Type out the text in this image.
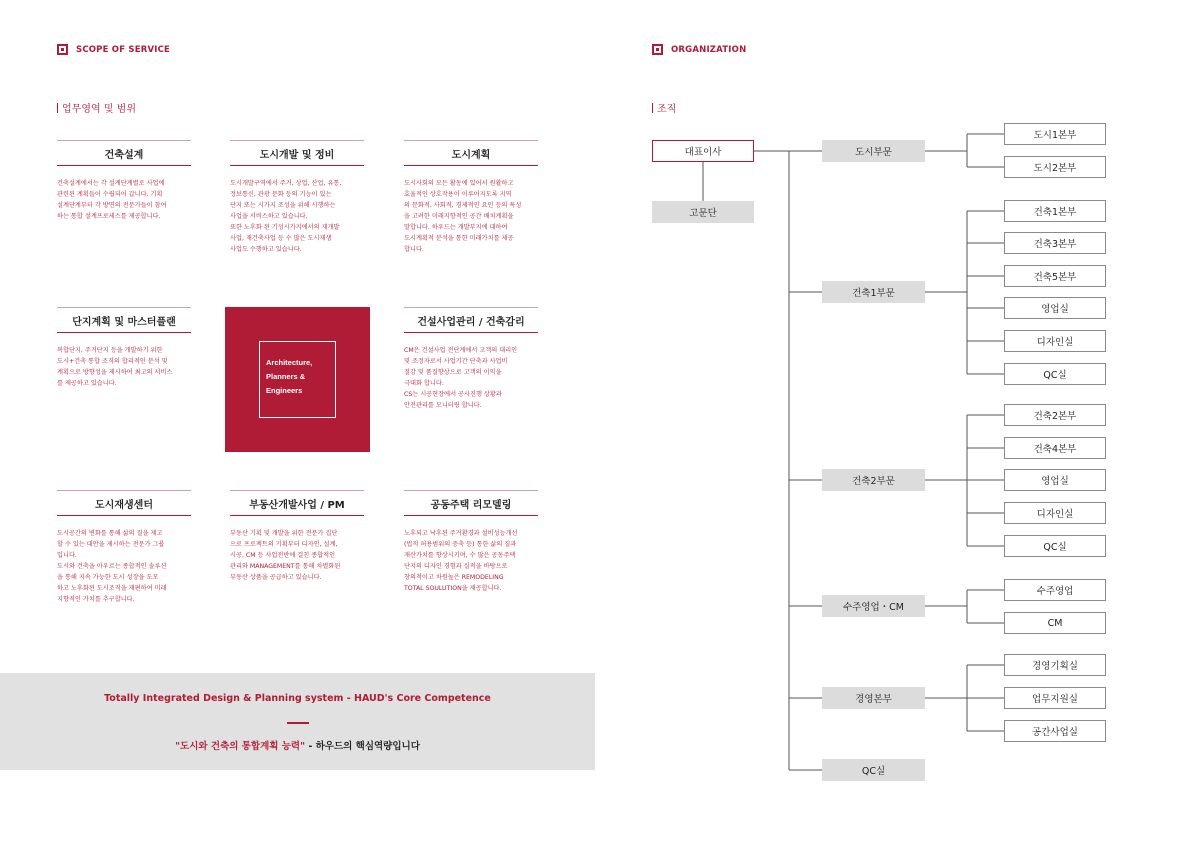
SCOPE OF SERVICE
업무영역 및 범위
건축설계
건축설계에서는 각 설계단계별로 사업에
관련된 계획들이 수립되어 갑니다. 기획
설계단계부터 각 방면의 전문가들이 참여
하는 통합 설계프로세스를 제공합니다.
도시개발 및 정비
도시개발구역에서 주거, 상업, 산업, 유통,
정보통신, 관광 문화 등의 기능이 있는
단지 또는 시가지 조성을 위해 시행하는
사업을 서비스하고 있습니다.
또한 노후화 된 기성시가지에서의 재개발
사업, 재건축사업 등 수 많은 도시재생
사업도 수행하고 있습니다.
도시계획
도시사회의 모든 활동에 있어서 원활하고
효율적인 상호작용이 이루어지도록 지역
의 문화적, 사회적, 경제적인 요인 등의 특성
을 고려한 미래지향적인 공간 배치계획을
말합니다. 하우드는 개발부지에 대하여
도시계획적 분석을 통한 미래가치를 제공
합니다.
단지계획 및 마스터플랜
복합단지, 주거단지 등을 개발하기 위한
도시+건축 통합 조직의 합리적인 분석 및
계획으로 방향성을 제시하여 최고의 서비스
를 제공하고 있습니다.
Architecture,
Planners &
Engineers
건설사업관리 / 건축감리
CM은 건설사업 전단계에서 고객의 대리인
및 조정자로서 사업기간 단축과 사업비
절감 및 품질향상으로 고객의 이익을
극대화 합니다.
CS는 시공현장에서 공사진행 상황과
안전관리를 모니터링 합니다.
도시재생센터
도시공간의 변화를 통해 삶의 질을 제고
할 수 있는 대안을 제시하는 전문가 그룹
입니다.
도시와 건축을 아우르는 종합적인 솔루션
을 통해 지속 가능한 도시 성장을 도모
하고 노후화된 도시조직을 재편하여 미래
지향적인 가치를 추구합니다.
부동산개발사업 / PM
부동산 기획 및 개발을 위한 전문가 집단
으로 프로젝트의 기획부터 디자인, 설계,
시공, CM 등 사업전반에 걸친 종합적인
관리와 MANAGEMENT를 통해 차별화된
부동산 상품을 공급하고 있습니다.
공동주택 리모델링
노후되고 낙후된 주거환경과 설비성능개선
(법적 허용범위의 증축 등) 통한 삶의 질과
재산가치를 향상시키며, 수 많은 공동주택
단지의 디자인 경험과 실적을 바탕으로
창의적이고 차원높은 REMODELING
TOTAL SOULUTION을 제공합니다.
Totally Integrated Design & Planning system - HAUD's Core Competence
"도시와 건축의 통합계획 능력" - 하우드의 핵심역량입니다
ORGANIZATION
조직
대표이사
고문단
도시부문
건축1부문
건축2부문
수주영업・CM
경영본부
QC실
도시1본부
도시2본부
건축1본부
건축3본부
건축5본부
영업실
디자인실
QC실
건축2본부
건축4본부
영업실
디자인실
QC실
수주영업
CM
경영기획실
업무지원실
공간사업실
